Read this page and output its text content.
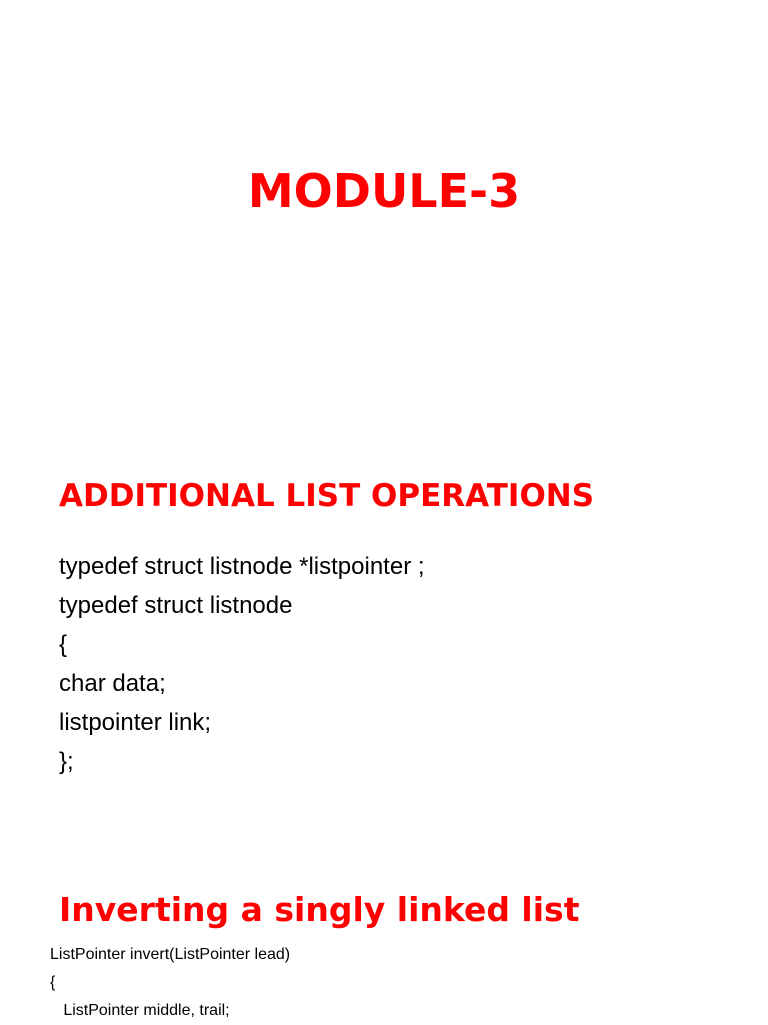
MODULE-3
ADDITIONAL LIST OPERATIONS
typedef struct listnode *listpointer ;
typedef struct listnode
{
char data;
listpointer link;
};
Inverting a singly linked list
ListPointer invert(ListPointer lead)
{
ListPointer middle, trail;
